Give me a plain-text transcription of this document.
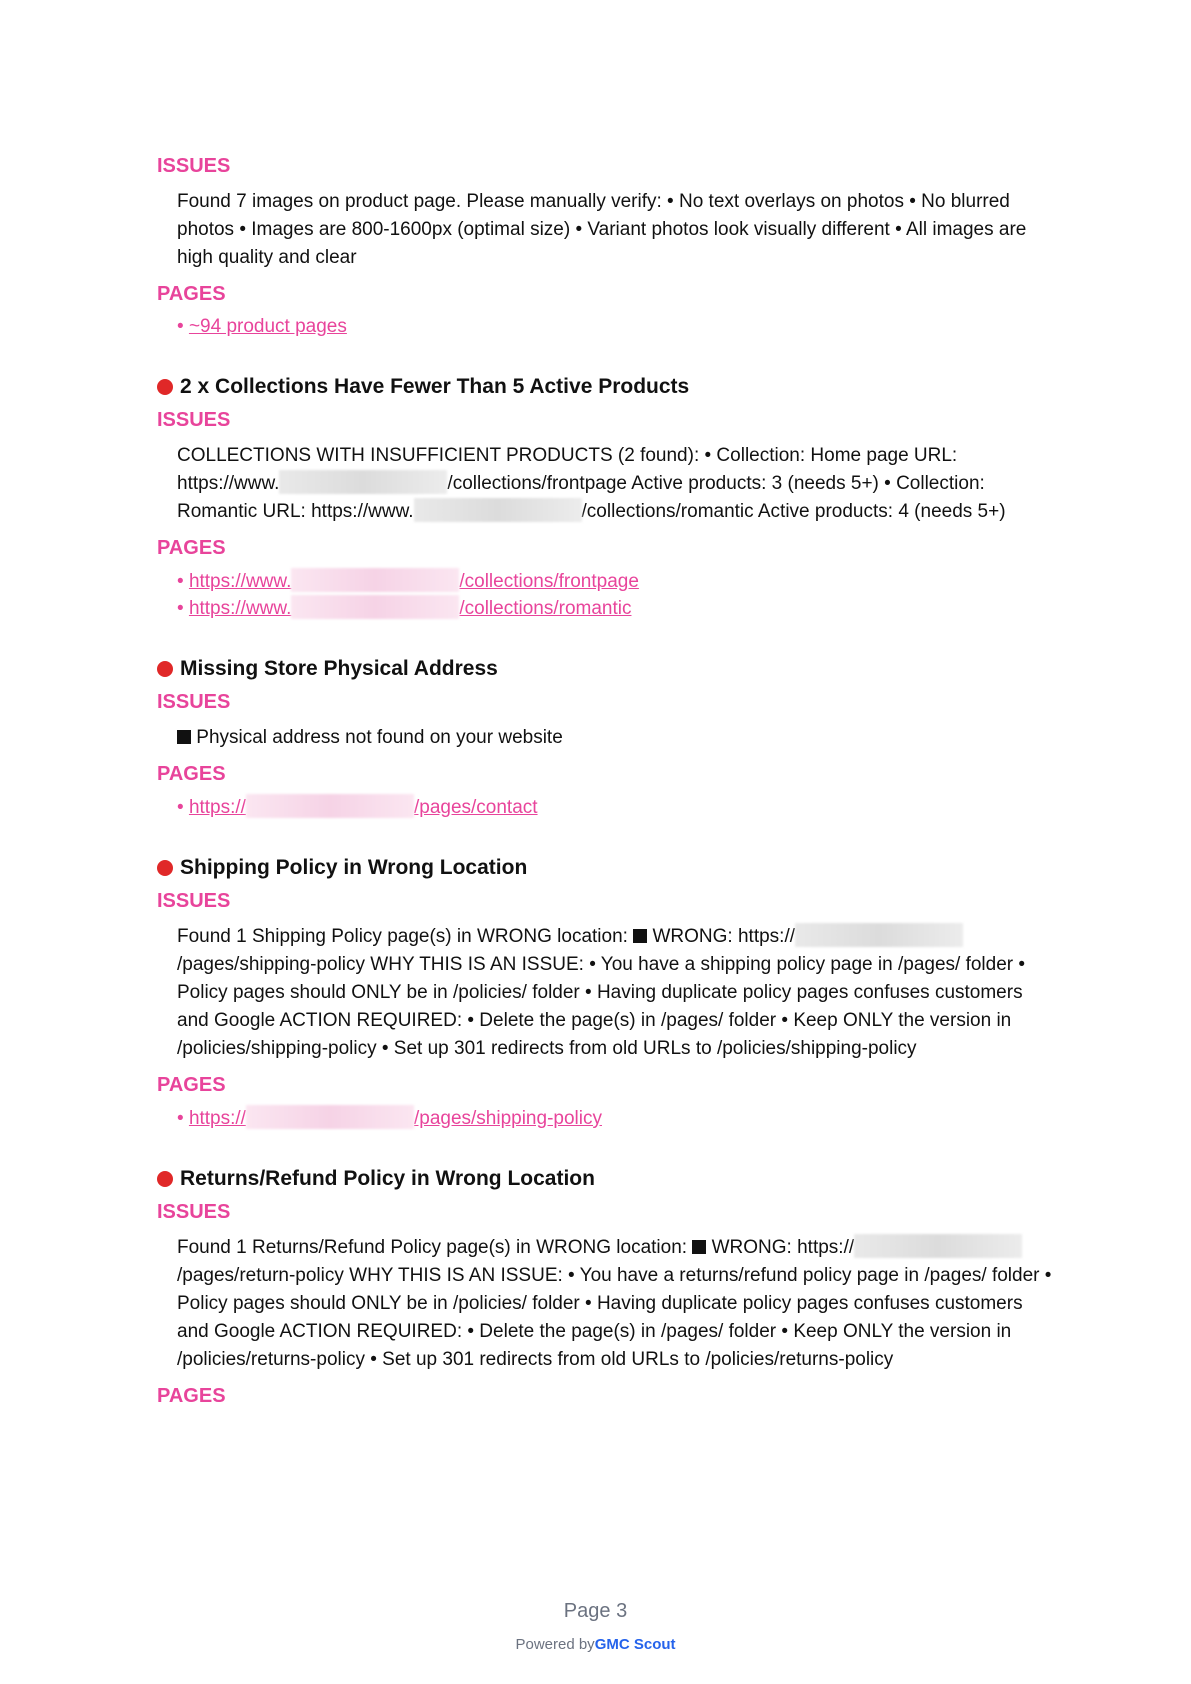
ISSUES

Found 7 images on product page. Please manually verify: • No text overlays on photos • No blurred photos • Images are 800-1600px (optimal size) • Variant photos look visually different • All images are high quality and clear

PAGES

• ~94 product pages

2 x Collections Have Fewer Than 5 Active Products

ISSUES

COLLECTIONS WITH INSUFFICIENT PRODUCTS (2 found): • Collection: Home page URL: https://www.	/collections/frontpage Active products: 3 (needs 5+) • Collection: Romantic URL: https://www.	/collections/romantic Active products: 4 (needs 5+)

PAGES

• https://www.	/collections/frontpage
• https://www.	/collections/romantic

Missing Store Physical Address

ISSUES

Physical address not found on your website

PAGES

• https://	/pages/contact

Shipping Policy in Wrong Location

ISSUES

Found 1 Shipping Policy page(s) in WRONG location:  WRONG: https:///pages/shipping-policy WHY THIS IS AN ISSUE: • You have a shipping policy page in /pages/ folder • Policy pages should ONLY be in /policies/ folder • Having duplicate policy pages confuses customers and Google ACTION REQUIRED: • Delete the page(s) in /pages/ folder • Keep ONLY the version in /policies/shipping-policy • Set up 301 redirects from old URLs to /policies/shipping-policy

PAGES

• https://	/pages/shipping-policy

Returns/Refund Policy in Wrong Location

ISSUES

Found 1 Returns/Refund Policy page(s) in WRONG location:  WRONG: https:///pages/return-policy WHY THIS IS AN ISSUE: • You have a returns/refund policy page in /pages/ folder • Policy pages should ONLY be in /policies/ folder • Having duplicate policy pages confuses customers and Google ACTION REQUIRED: • Delete the page(s) in /pages/ folder • Keep ONLY the version in /policies/returns-policy • Set up 301 redirects from old URLs to /policies/returns-policy

PAGES

Page 3
Powered byGMC Scout
